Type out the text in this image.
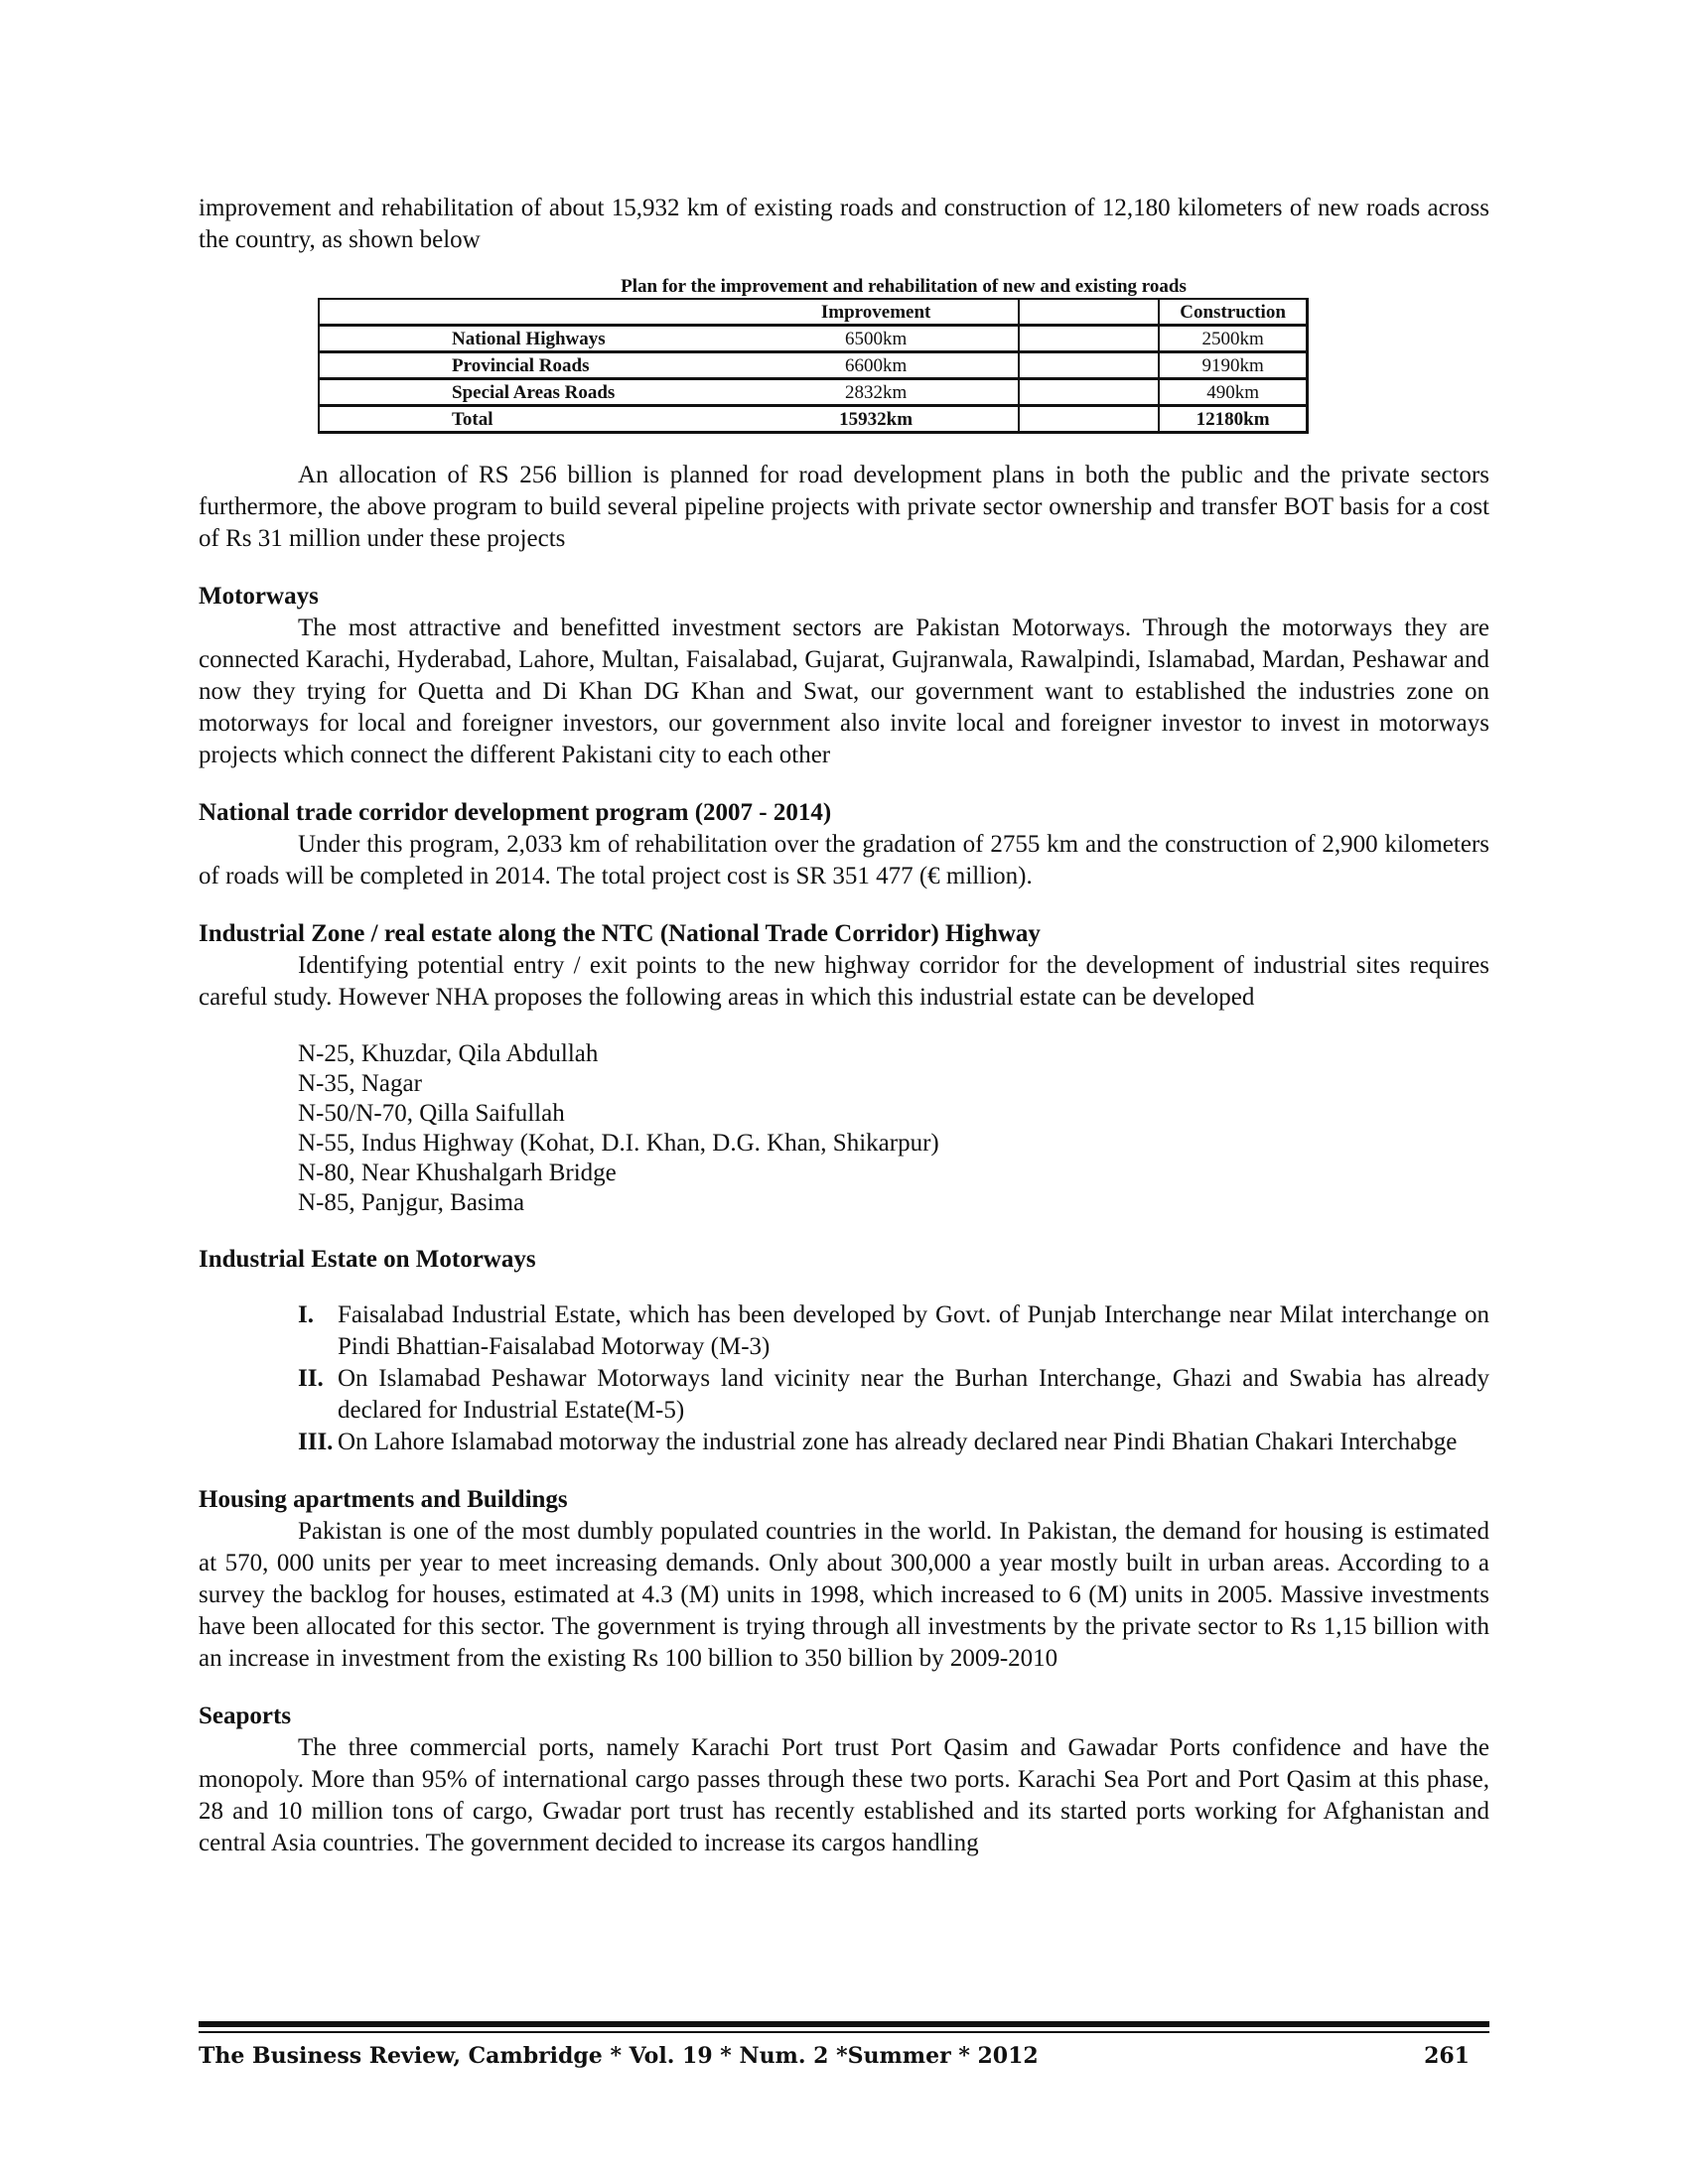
improvement and rehabilitation of about 15,932 km of existing roads and construction of 12,180 kilometers of new roads across the country, as shown below

Plan for the improvement and rehabilitation of new and existing roads
	Improvement		Construction
National Highways	6500km		2500km
Provincial Roads	6600km		9190km
Special Areas Roads	2832km		490km
Total	15932km		12180km

An allocation of RS 256 billion is planned for road development plans in both the public and the private sectors furthermore, the above program to build several pipeline projects with private sector ownership and transfer BOT basis for a cost of Rs 31 million under these projects

Motorways

The most attractive and benefitted investment sectors are Pakistan Motorways. Through the motorways they are connected Karachi, Hyderabad, Lahore, Multan, Faisalabad, Gujarat, Gujranwala, Rawalpindi, Islamabad, Mardan, Peshawar and now they trying for Quetta and Di Khan DG Khan and Swat, our government want to established the industries zone on motorways for local and foreigner investors, our government also invite local and foreigner investor to invest in motorways projects which connect the different Pakistani city to each other

National trade corridor development program (2007 - 2014)

Under this program, 2,033 km of rehabilitation over the gradation of 2755 km and the construction of 2,900 kilometers of roads will be completed in 2014. The total project cost is SR 351 477 (€ million).

Industrial Zone / real estate along the NTC (National Trade Corridor) Highway

Identifying potential entry / exit points to the new highway corridor for the development of industrial sites requires careful study. However NHA proposes the following areas in which this industrial estate can be developed

N-25, Khuzdar, Qila Abdullah
N-35, Nagar
N-50/N-70, Qilla Saifullah
N-55, Indus Highway (Kohat, D.I. Khan, D.G. Khan, Shikarpur)
N-80, Near Khushalgarh Bridge
N-85, Panjgur, Basima
Industrial Estate on Motorways
I. Faisalabad Industrial Estate, which has been developed by Govt. of Punjab Interchange near Milat interchange on Pindi Bhattian-Faisalabad Motorway (M-3)
II. On Islamabad Peshawar Motorways land vicinity near the Burhan Interchange, Ghazi and Swabia has already declared for Industrial Estate(M-5)
III. On Lahore Islamabad motorway the industrial zone has already declared near Pindi Bhatian Chakari Interchabge
Housing apartments and Buildings

Pakistan is one of the most dumbly populated countries in the world. In Pakistan, the demand for housing is estimated at 570, 000 units per year to meet increasing demands. Only about 300,000 a year mostly built in urban areas. According to a survey the backlog for houses, estimated at 4.3 (M) units in 1998, which increased to 6 (M) units in 2005. Massive investments have been allocated for this sector. The government is trying through all investments by the private sector to Rs 1,15 billion with an increase in investment from the existing Rs 100 billion to 350 billion by 2009-2010

Seaports

The three commercial ports, namely Karachi Port trust Port Qasim and Gawadar Ports confidence and have the monopoly. More than 95% of international cargo passes through these two ports. Karachi Sea Port and Port Qasim at this phase, 28 and 10 million tons of cargo, Gwadar port trust has recently established and its started ports working for Afghanistan and central Asia countries. The government decided to increase its cargos handling

The Business Review, Cambridge * Vol. 19 * Num. 2 *Summer * 2012	261
